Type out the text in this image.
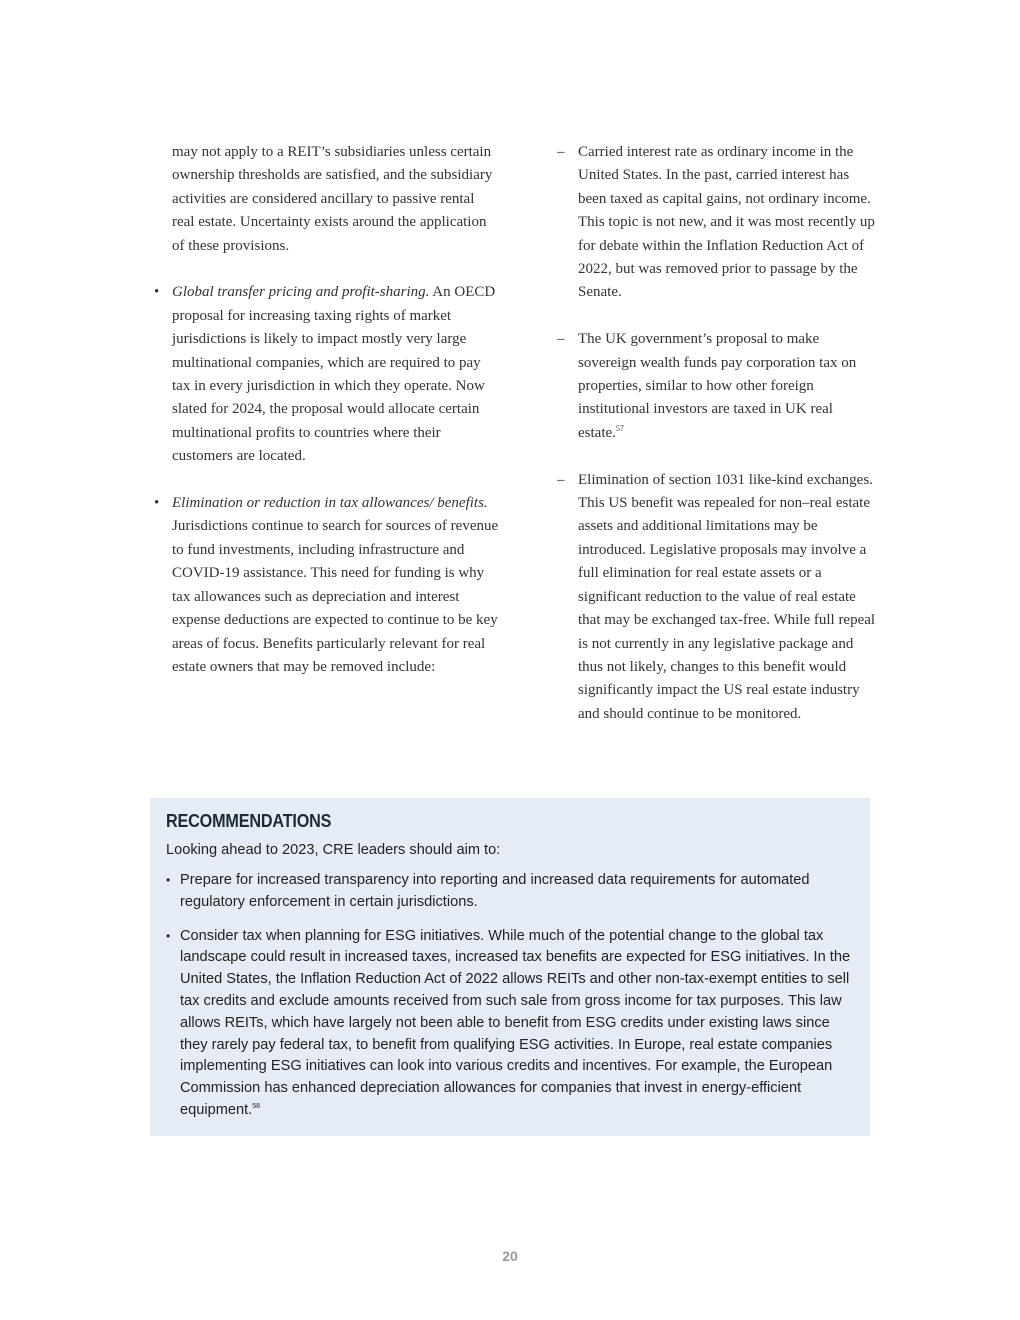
may not apply to a REIT’s subsidiaries unless certain ownership thresholds are satisfied, and the subsidiary activities are considered ancillary to passive rental real estate. Uncertainty exists around the application of these provisions.

• Global transfer pricing and profit-sharing. An OECD proposal for increasing taxing rights of market jurisdictions is likely to impact mostly very large multinational companies, which are required to pay tax in every jurisdiction in which they operate. Now slated for 2024, the proposal would allocate certain multinational profits to countries where their customers are located.
• Elimination or reduction in tax allowances/ benefits. Jurisdictions continue to search for sources of revenue to fund investments, including infrastructure and COVID-19 assistance. This need for funding is why tax allowances such as depreciation and interest expense deductions are expected to continue to be key areas of focus. Benefits particularly relevant for real estate owners that may be removed include:
– Carried interest rate as ordinary income in the United States. In the past, carried interest has been taxed as capital gains, not ordinary income. This topic is not new, and it was most recently up for debate within the Inflation Reduction Act of 2022, but was removed prior to passage by the Senate.
– The UK government’s proposal to make sovereign wealth funds pay corporation tax on properties, similar to how other foreign institutional investors are taxed in UK real estate.$^{57}$
– Elimination of section 1031 like-kind exchanges. This US benefit was repealed for non–real estate assets and additional limitations may be introduced. Legislative proposals may involve a full elimination for real estate assets or a significant reduction to the value of real estate that may be exchanged tax-free. While full repeal is not currently in any legislative package and thus not likely, changes to this benefit would significantly impact the US real estate industry and should continue to be monitored.
RECOMMENDATIONS

Looking ahead to 2023, CRE leaders should aim to:

• Prepare for increased transparency into reporting and increased data requirements for automated regulatory enforcement in certain jurisdictions.
• Consider tax when planning for ESG initiatives. While much of the potential change to the global tax landscape could result in increased taxes, increased tax benefits are expected for ESG initiatives. In the United States, the Inflation Reduction Act of 2022 allows REITs and other non-tax-exempt entities to sell tax credits and exclude amounts received from such sale from gross income for tax purposes. This law allows REITs, which have largely not been able to benefit from ESG credits under existing laws since they rarely pay federal tax, to benefit from qualifying ESG activities. In Europe, real estate companies implementing ESG initiatives can look into various credits and incentives. For example, the European Commission has enhanced depreciation allowances for companies that invest in energy-efficient equipment.$^{58}$
20
